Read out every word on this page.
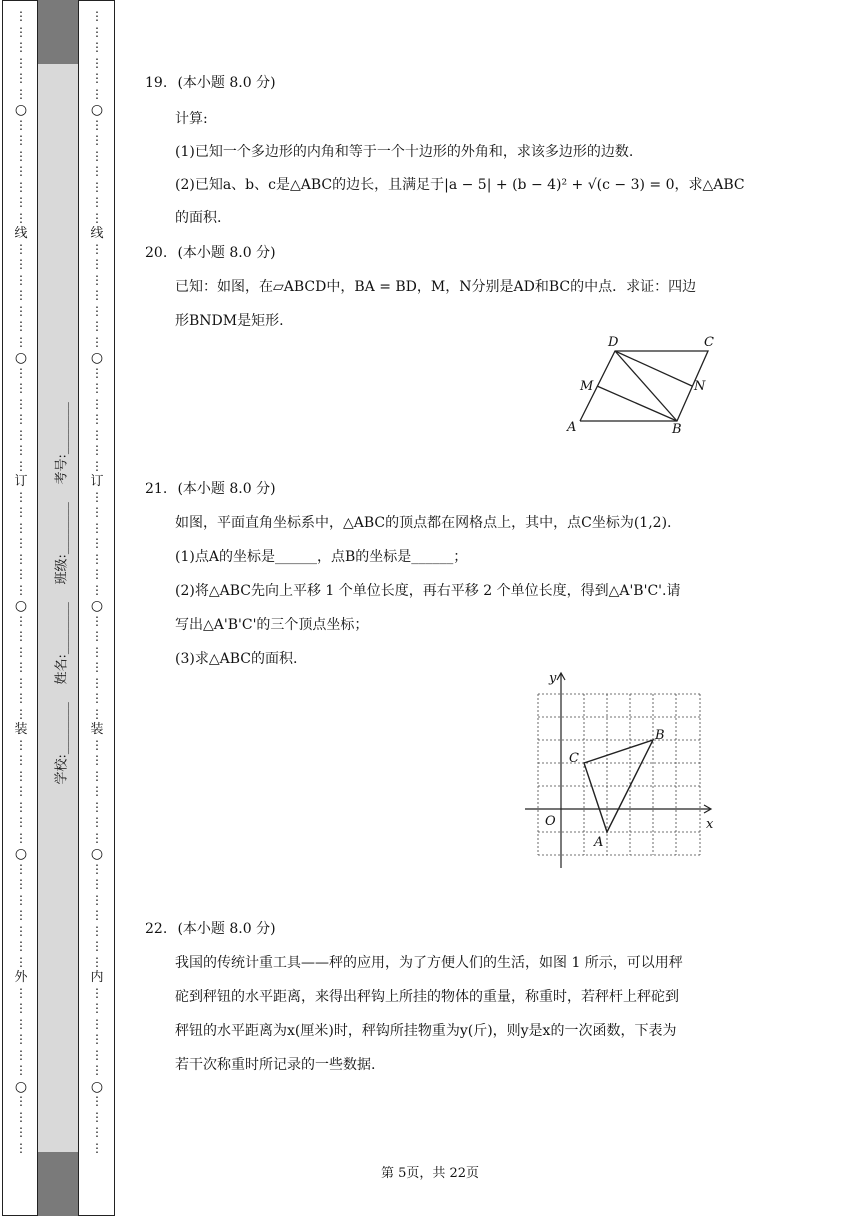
⋮
⋮
⋮
⋮
⋮
⋮
○
⋮
⋮
⋮
⋮
⋮
⋮
⋮
线
⋮
⋮
⋮
⋮
⋮
⋮
⋮
○
⋮
⋮
⋮
⋮
⋮
⋮
⋮
订
⋮
⋮
⋮
⋮
⋮
⋮
⋮
○
⋮
⋮
⋮
⋮
⋮
⋮
⋮
装
⋮
⋮
⋮
⋮
⋮
⋮
⋮
○
⋮
⋮
⋮
⋮
⋮
⋮
⋮
外
⋮
⋮
⋮
⋮
⋮
⋮
○
⋮
⋮
⋮
⋮
⋮
⋮
⋮
⋮
⋮
⋮
○
⋮
⋮
⋮
⋮
⋮
⋮
⋮
线
⋮
⋮
⋮
⋮
⋮
⋮
⋮
○
⋮
⋮
⋮
⋮
⋮
⋮
⋮
订
⋮
⋮
⋮
⋮
⋮
⋮
⋮
○
⋮
⋮
⋮
⋮
⋮
⋮
⋮
装
⋮
⋮
⋮
⋮
⋮
⋮
⋮
○
⋮
⋮
⋮
⋮
⋮
⋮
⋮
内
⋮
⋮
⋮
⋮
⋮
⋮
○
⋮
⋮
⋮
⋮
学校:________
姓名:________
班级:________
考号:________
19. (本小题 8.0 分)
计算:
(1)已知一个多边形的内角和等于一个十边形的外角和，求该多边形的边数.
(2)已知a、b、c是△ABC的边长，且满足于|a − 5| + (b − 4)² + √(c − 3) = 0，求△ABC
的面积.
20. (本小题 8.0 分)
已知：如图，在▱ABCD中，BA = BD，M，N分别是AD和BC的中点．求证：四边
形BNDM是矩形.
D	C
M	N
A	B
21. (本小题 8.0 分)
如图，平面直角坐标系中，△ABC的顶点都在网格点上，其中，点C坐标为(1,2).
(1)点A的坐标是______，点B的坐标是______；
(2)将△ABC先向上平移 1 个单位长度，再右平移 2 个单位长度，得到△A'B'C'.请
写出△A'B'C'的三个顶点坐标；
(3)求△ABC的面积.
y
x
O
A
B
C
22. (本小题 8.0 分)
我国的传统计重工具——秤的应用，为了方便人们的生活，如图 1 所示，可以用秤
砣到秤钮的水平距离，来得出秤钩上所挂的物体的重量，称重时，若秤杆上秤砣到
秤钮的水平距离为x(厘米)时，秤钩所挂物重为y(斤)，则y是x的一次函数，下表为
若干次称重时所记录的一些数据.
第 5页，共 22页
